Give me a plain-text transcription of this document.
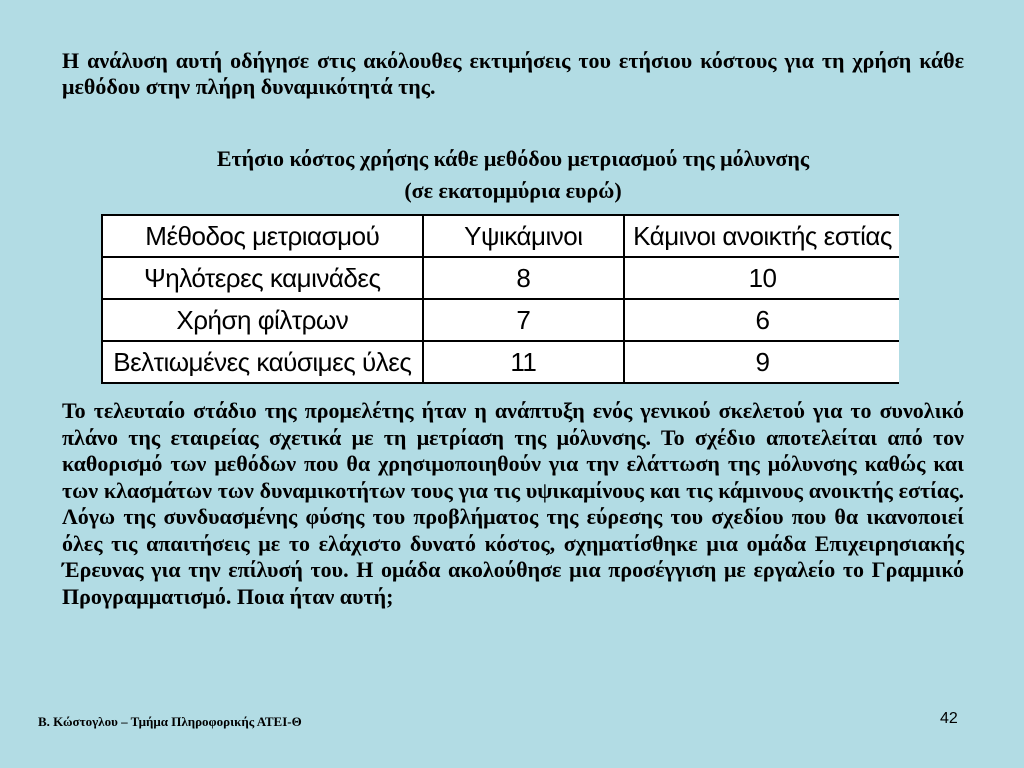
Η ανάλυση αυτή οδήγησε στις ακόλουθες εκτιμήσεις του ετήσιου κόστους για τη χρήση κάθε μεθόδου στην πλήρη δυναμικότητά της.

Ετήσιο κόστος χρήσης κάθε μεθόδου μετριασμού της μόλυνσης
(σε εκατομμύρια ευρώ)
Μέθοδος μετριασμού	Υψικάμινοι	Κάμινοι ανοικτής εστίας
Ψηλότερες καμινάδες	8	10
Χρήση φίλτρων	7	6
Βελτιωμένες καύσιμες ύλες	11	9

Το τελευταίο στάδιο της προμελέτης ήταν η ανάπτυξη ενός γενικού σκελετού για το συνολικό πλάνο της εταιρείας σχετικά με τη μετρίαση της μόλυνσης. Το σχέδιο αποτελείται από τον καθορισμό των μεθόδων που θα χρησιμοποιηθούν για την ελάττωση της μόλυνσης καθώς και των κλασμάτων των δυναμικοτήτων τους για τις υψικαμίνους και τις κάμινους ανοικτής εστίας. Λόγω της συνδυασμένης φύσης του προβλήματος της εύρεσης του σχεδίου που θα ικανοποιεί όλες τις απαιτήσεις με το ελάχιστο δυνατό κόστος, σχηματίσθηκε μια ομάδα Επιχειρησιακής Έρευνας για την επίλυσή του. Η ομάδα ακολούθησε μια προσέγγιση με εργαλείο το Γραμμικό Προγραμματισμό. Ποια ήταν αυτή;

Β. Κώστογλου – Τμήμα Πληροφορικής ΑΤΕΙ-Θ	42
